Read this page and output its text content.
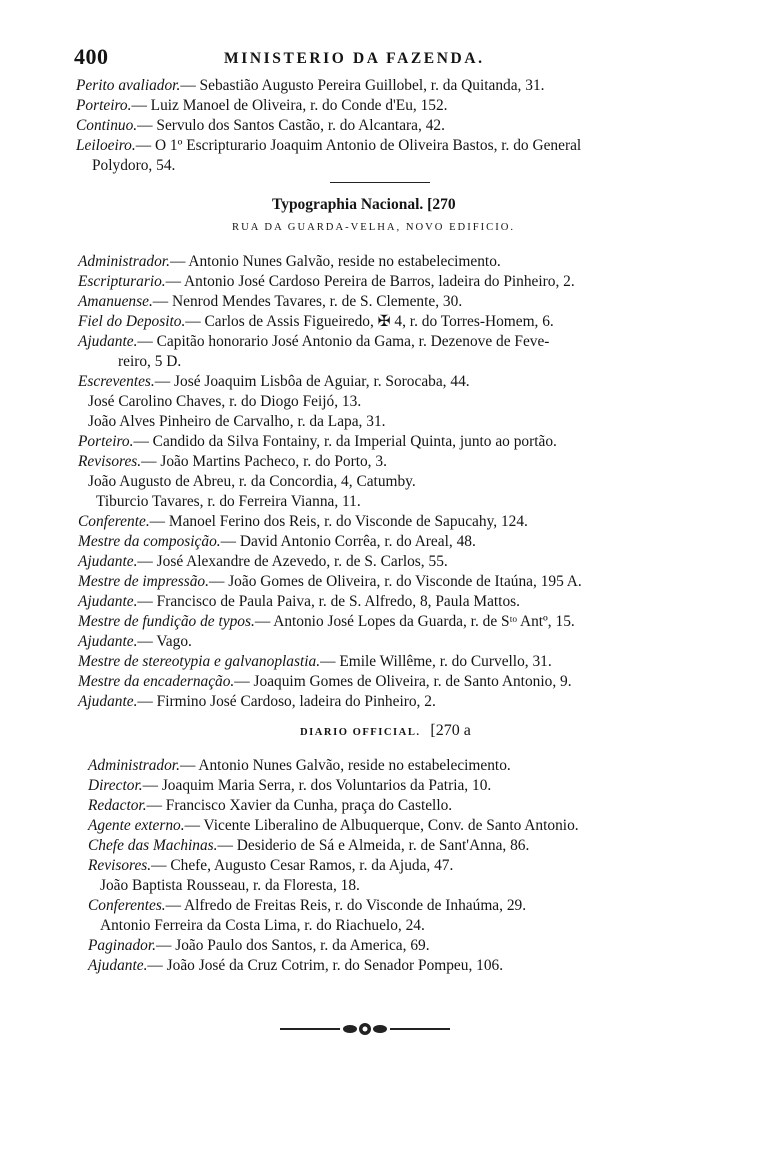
400	MINISTERIO DA FAZENDA.
Perito avaliador.— Sebastião Augusto Pereira Guillobel, r. da Quitanda, 31.
Porteiro.— Luiz Manoel de Oliveira, r. do Conde d'Eu, 152.
Continuo.— Servulo dos Santos Castão, r. do Alcantara, 42.
Leiloeiro.— O 1º Escripturario Joaquim Antonio de Oliveira Bastos, r. do General
Polydoro, 54.
Typographia Nacional. [270
RUA DA GUARDA-VELHA, NOVO EDIFICIO.
Administrador.— Antonio Nunes Galvão, reside no estabelecimento.
Escripturario.— Antonio José Cardoso Pereira de Barros, ladeira do Pinheiro, 2.
Amanuense.— Nenrod Mendes Tavares, r. de S. Clemente, 30.
Fiel do Deposito.— Carlos de Assis Figueiredo, ✠ 4, r. do Torres-Homem, 6.
Ajudante.— Capitão honorario José Antonio da Gama, r. Dezenove de Feve-
reiro, 5 D.
Escreventes.— José Joaquim Lisbôa de Aguiar, r. Sorocaba, 44.
José Carolino Chaves, r. do Diogo Feijó, 13.
João Alves Pinheiro de Carvalho, r. da Lapa, 31.
Porteiro.— Candido da Silva Fontainy, r. da Imperial Quinta, junto ao portão.
Revisores.— João Martins Pacheco, r. do Porto, 3.
João Augusto de Abreu, r. da Concordia, 4, Catumby.
Tiburcio Tavares, r. do Ferreira Vianna, 11.
Conferente.— Manoel Ferino dos Reis, r. do Visconde de Sapucahy, 124.
Mestre da composição.— David Antonio Corrêa, r. do Areal, 48.
Ajudante.— José Alexandre de Azevedo, r. de S. Carlos, 55.
Mestre de impressão.— João Gomes de Oliveira, r. do Visconde de Itaúna, 195 A.
Ajudante.— Francisco de Paula Paiva, r. de S. Alfredo, 8, Paula Mattos.
Mestre de fundição de typos.— Antonio José Lopes da Guarda, r. de Sᵗᵒ Antº, 15.
Ajudante.— Vago.
Mestre de stereotypia e galvanoplastia.— Emile Willême, r. do Curvello, 31.
Mestre da encadernação.— Joaquim Gomes de Oliveira, r. de Santo Antonio, 9.
Ajudante.— Firmino José Cardoso, ladeira do Pinheiro, 2.
DIARIO OFFICIAL. [270 a
Administrador.— Antonio Nunes Galvão, reside no estabelecimento.
Director.— Joaquim Maria Serra, r. dos Voluntarios da Patria, 10.
Redactor.— Francisco Xavier da Cunha, praça do Castello.
Agente externo.— Vicente Liberalino de Albuquerque, Conv. de Santo Antonio.
Chefe das Machinas.— Desiderio de Sá e Almeida, r. de Sant'Anna, 86.
Revisores.— Chefe, Augusto Cesar Ramos, r. da Ajuda, 47.
João Baptista Rousseau, r. da Floresta, 18.
Conferentes.— Alfredo de Freitas Reis, r. do Visconde de Inhaúma, 29.
Antonio Ferreira da Costa Lima, r. do Riachuelo, 24.
Paginador.— João Paulo dos Santos, r. da America, 69.
Ajudante.— João José da Cruz Cotrim, r. do Senador Pompeu, 106.
